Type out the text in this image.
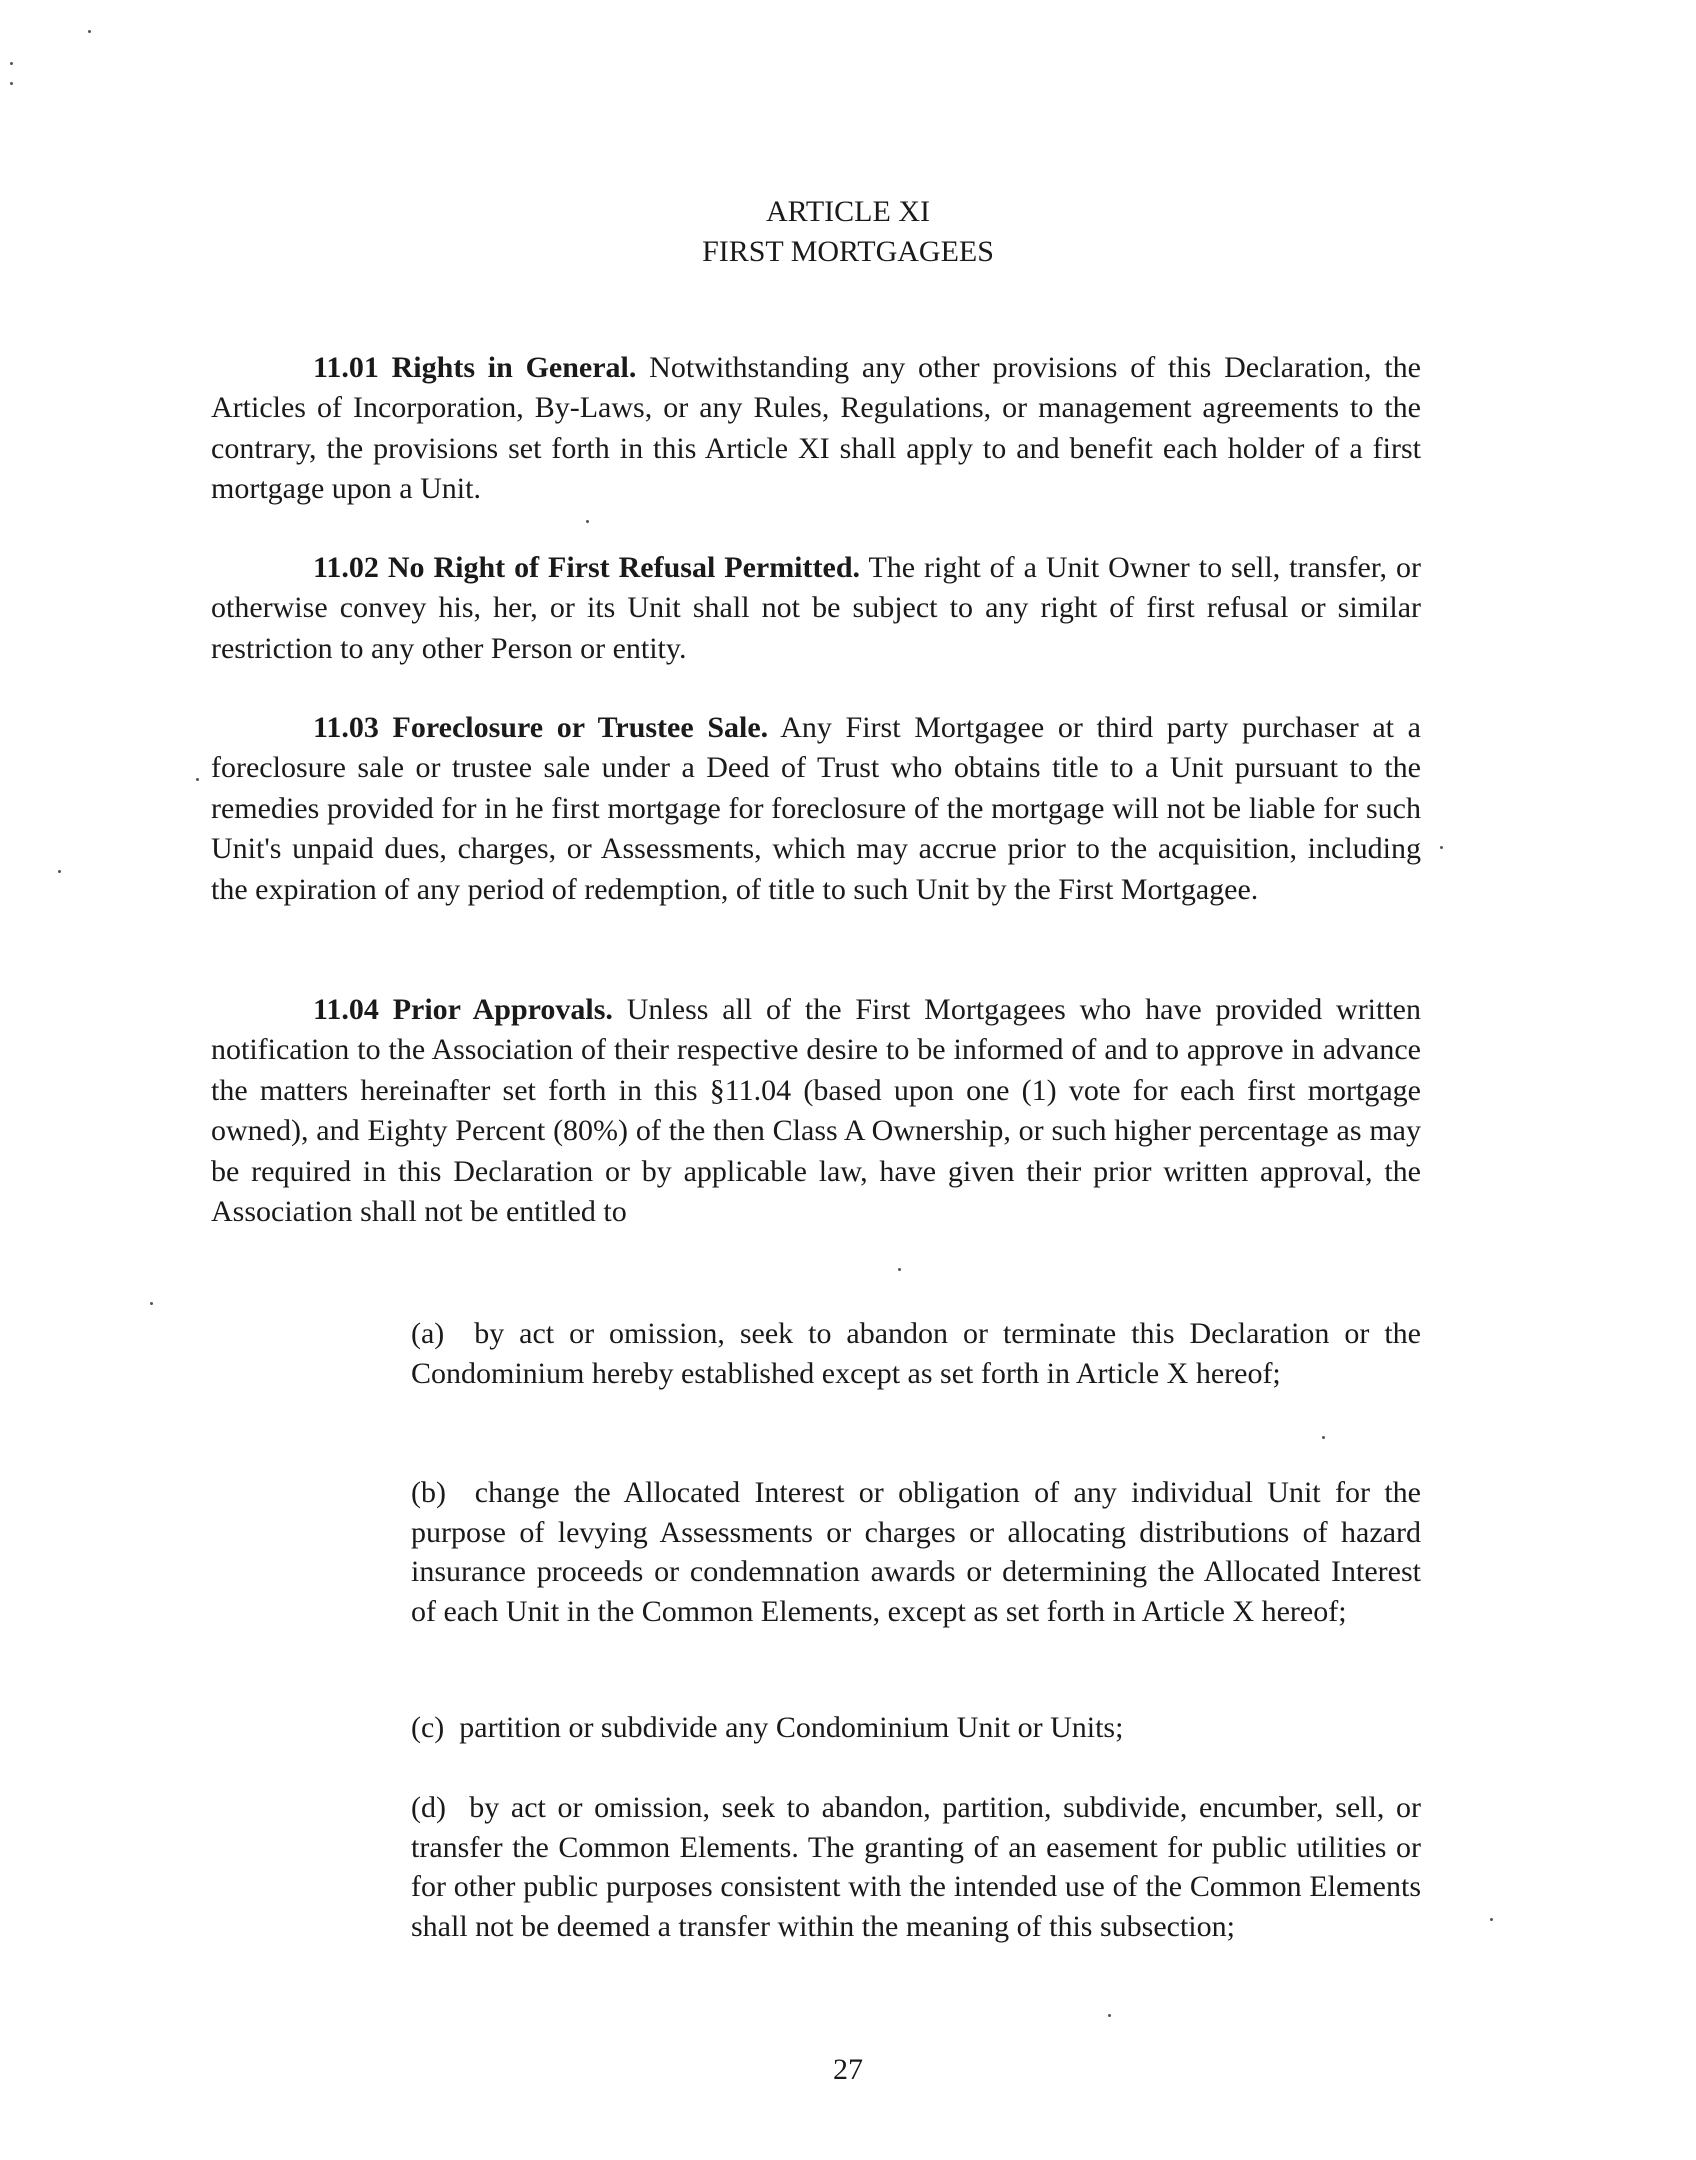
ARTICLE XI
FIRST MORTGAGEES

11.01 Rights in General. Notwithstanding any other provisions of this Declaration, the Articles of Incorporation, By-Laws, or any Rules, Regulations, or management agreements to the contrary, the provisions set forth in this Article XI shall apply to and benefit each holder of a first mortgage upon a Unit.

11.02 No Right of First Refusal Permitted. The right of a Unit Owner to sell, transfer, or otherwise convey his, her, or its Unit shall not be subject to any right of first refusal or similar restriction to any other Person or entity.

11.03 Foreclosure or Trustee Sale. Any First Mortgagee or third party purchaser at a foreclosure sale or trustee sale under a Deed of Trust who obtains title to a Unit pursuant to the remedies provided for in he first mortgage for foreclosure of the mortgage will not be liable for such Unit's unpaid dues, charges, or Assessments, which may accrue prior to the acquisition, including the expiration of any period of redemption, of title to such Unit by the First Mortgagee.

11.04 Prior Approvals. Unless all of the First Mortgagees who have provided written notification to the Association of their respective desire to be informed of and to approve in advance the matters hereinafter set forth in this §11.04 (based upon one (1) vote for each first mortgage owned), and Eighty Percent (80%) of the then Class A Ownership, or such higher percentage as may be required in this Declaration or by applicable law, have given their prior written approval, the Association shall not be entitled to

(a) by act or omission, seek to abandon or terminate this Declaration or the Condominium hereby established except as set forth in Article X hereof;

(b) change the Allocated Interest or obligation of any individual Unit for the purpose of levying Assessments or charges or allocating distributions of hazard insurance proceeds or condemnation awards or determining the Allocated Interest of each Unit in the Common Elements, except as set forth in Article X hereof;

(c) partition or subdivide any Condominium Unit or Units;

(d) by act or omission, seek to abandon, partition, subdivide, encumber, sell, or transfer the Common Elements. The granting of an easement for public utilities or for other public purposes consistent with the intended use of the Common Elements shall not be deemed a transfer within the meaning of this subsection;

27
